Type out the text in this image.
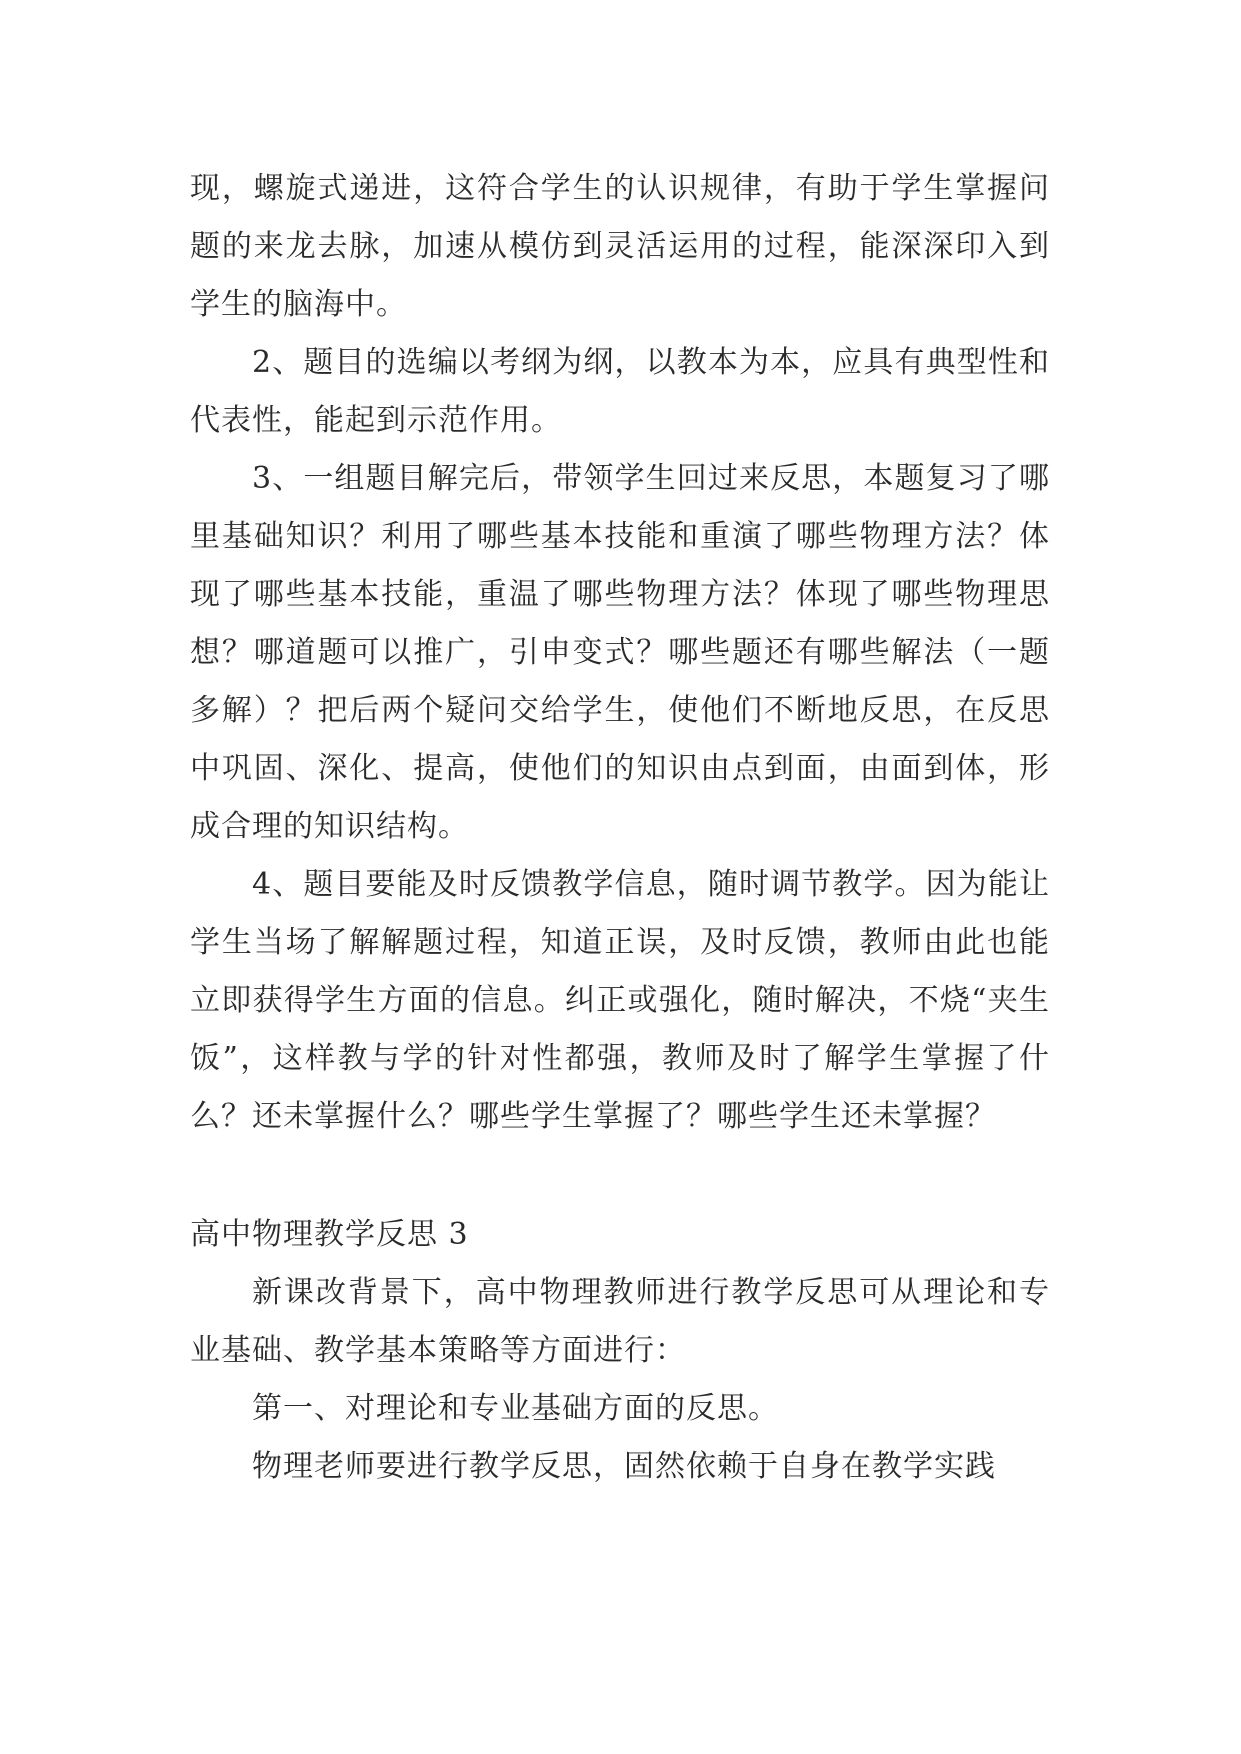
现，螺旋式递进，这符合学生的认识规律，有助于学生掌握问题的来龙去脉，加速从模仿到灵活运用的过程，能深深印入到学生的脑海中。

2、题目的选编以考纲为纲，以教本为本，应具有典型性和代表性，能起到示范作用。

3、一组题目解完后，带领学生回过来反思，本题复习了哪里基础知识？利用了哪些基本技能和重演了哪些物理方法？体现了哪些基本技能，重温了哪些物理方法？体现了哪些物理思想？哪道题可以推广，引申变式？哪些题还有哪些解法（一题多解）？把后两个疑问交给学生，使他们不断地反思，在反思中巩固、深化、提高，使他们的知识由点到面，由面到体，形成合理的知识结构。

4、题目要能及时反馈教学信息，随时调节教学。因为能让学生当场了解解题过程，知道正误，及时反馈，教师由此也能立即获得学生方面的信息。纠正或强化，随时解决，不烧“夹生饭”，这样教与学的针对性都强，教师及时了解学生掌握了什么？还未掌握什么？哪些学生掌握了？哪些学生还未掌握？

高中物理教学反思 3

新课改背景下，高中物理教师进行教学反思可从理论和专业基础、教学基本策略等方面进行：

第一、对理论和专业基础方面的反思。

物理老师要进行教学反思，固然依赖于自身在教学实践
